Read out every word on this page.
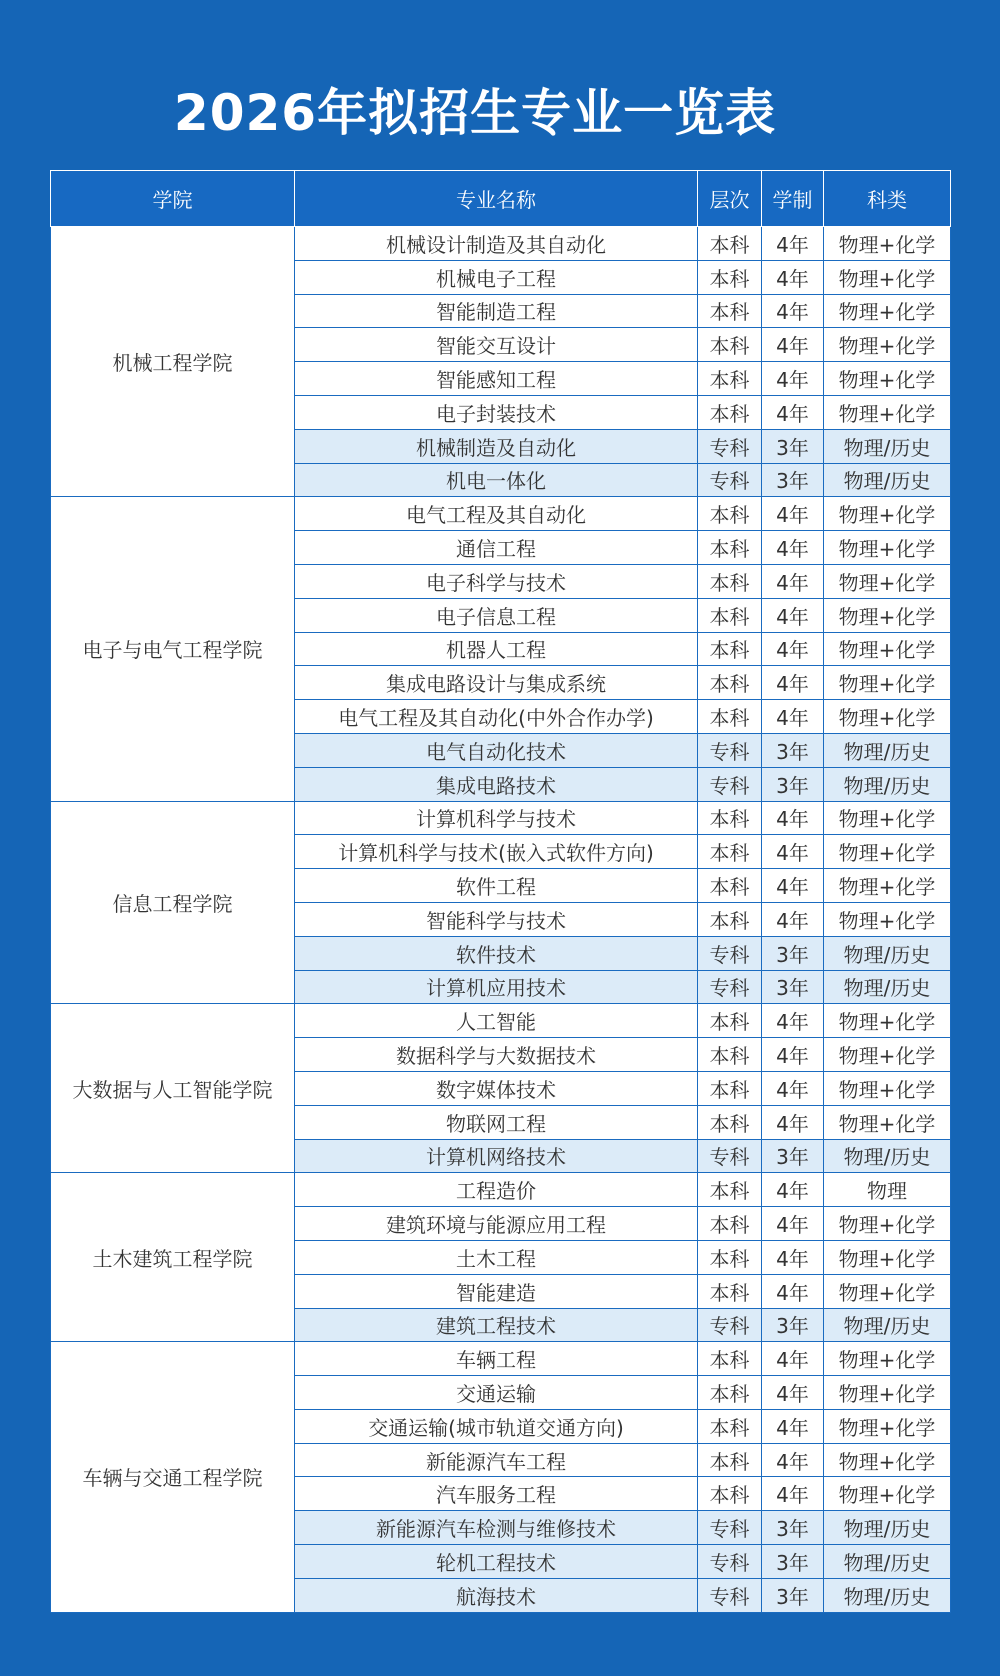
2026年拟招生专业一览表
学院	专业名称	层次	学制	科类
机械工程学院	机械设计制造及其自动化	本科	4年	物理+化学
	机械电子工程	本科	4年	物理+化学
	智能制造工程	本科	4年	物理+化学
	智能交互设计	本科	4年	物理+化学
	智能感知工程	本科	4年	物理+化学
	电子封装技术	本科	4年	物理+化学
	机械制造及自动化	专科	3年	物理/历史
	机电一体化	专科	3年	物理/历史
电子与电气工程学院	电气工程及其自动化	本科	4年	物理+化学
	通信工程	本科	4年	物理+化学
	电子科学与技术	本科	4年	物理+化学
	电子信息工程	本科	4年	物理+化学
	机器人工程	本科	4年	物理+化学
	集成电路设计与集成系统	本科	4年	物理+化学
	电气工程及其自动化(中外合作办学)	本科	4年	物理+化学
	电气自动化技术	专科	3年	物理/历史
	集成电路技术	专科	3年	物理/历史
信息工程学院	计算机科学与技术	本科	4年	物理+化学
	计算机科学与技术(嵌入式软件方向)	本科	4年	物理+化学
	软件工程	本科	4年	物理+化学
	智能科学与技术	本科	4年	物理+化学
	软件技术	专科	3年	物理/历史
	计算机应用技术	专科	3年	物理/历史
大数据与人工智能学院	人工智能	本科	4年	物理+化学
	数据科学与大数据技术	本科	4年	物理+化学
	数字媒体技术	本科	4年	物理+化学
	物联网工程	本科	4年	物理+化学
	计算机网络技术	专科	3年	物理/历史
土木建筑工程学院	工程造价	本科	4年	物理
	建筑环境与能源应用工程	本科	4年	物理+化学
	土木工程	本科	4年	物理+化学
	智能建造	本科	4年	物理+化学
	建筑工程技术	专科	3年	物理/历史
车辆与交通工程学院	车辆工程	本科	4年	物理+化学
	交通运输	本科	4年	物理+化学
	交通运输(城市轨道交通方向)	本科	4年	物理+化学
	新能源汽车工程	本科	4年	物理+化学
	汽车服务工程	本科	4年	物理+化学
	新能源汽车检测与维修技术	专科	3年	物理/历史
	轮机工程技术	专科	3年	物理/历史
	航海技术	专科	3年	物理/历史
